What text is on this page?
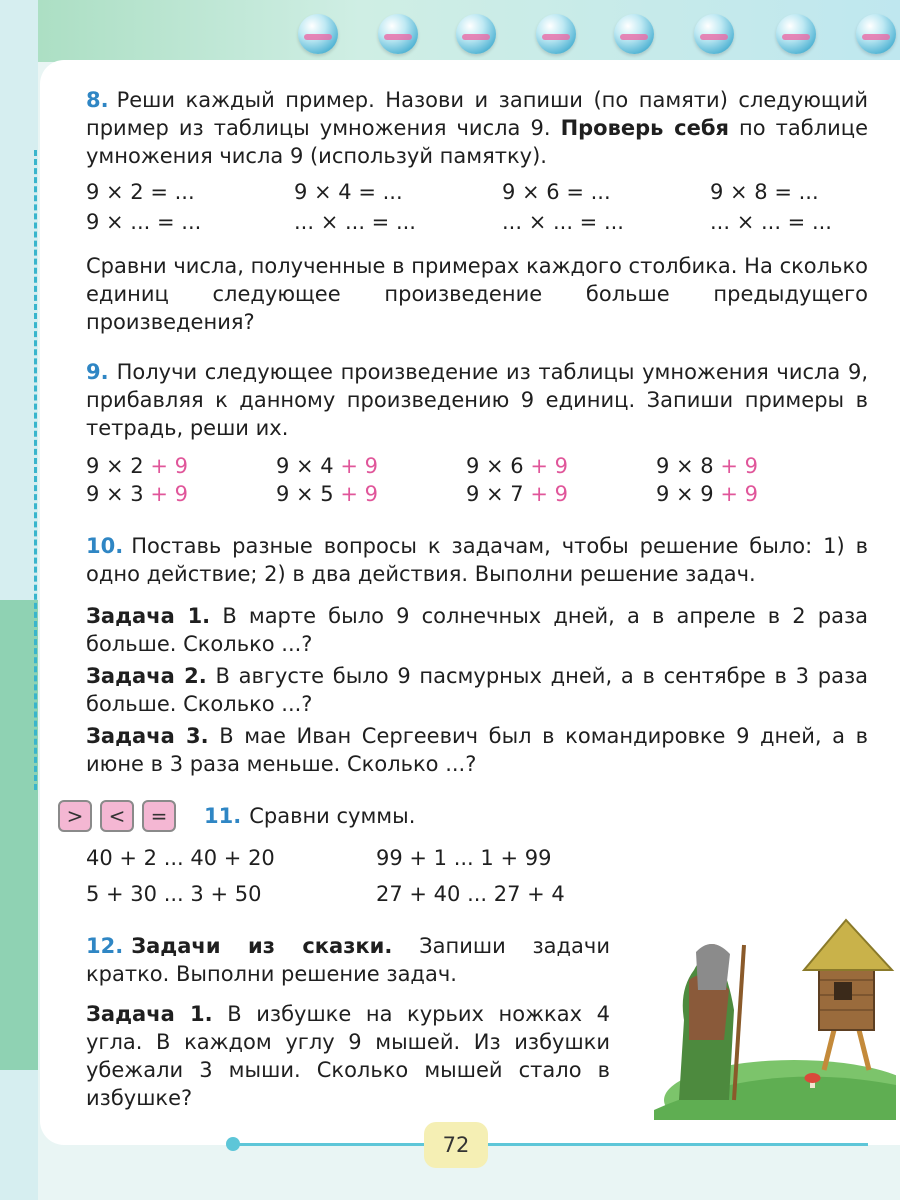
8. Реши каждый пример. Назови и запиши (по памяти) следующий пример из таблицы умножения числа 9. Проверь себя по таблице умножения числа 9 (используй памятку).

9 × 2 = ...	9 × 4 = ...	9 × 6 = ...	9 × 8 = ...
9 × ... = ...	... × ... = ...	... × ... = ...	... × ... = ...

Сравни числа, полученные в примерах каждого столбика. На сколько единиц следующее произведение больше предыдущего произведения?

9. Получи следующее произведение из таблицы умножения числа 9, прибавляя к данному произведению 9 единиц. Запиши примеры в тетрадь, реши их.

9 × 2 + 9	9 × 4 + 9	9 × 6 + 9	9 × 8 + 9
9 × 3 + 9	9 × 5 + 9	9 × 7 + 9	9 × 9 + 9

10. Поставь разные вопросы к задачам, чтобы решение было: 1) в одно действие; 2) в два действия. Выполни решение задач.

Задача 1. В марте было 9 солнечных дней, а в апреле в 2 раза больше. Сколько ...?

Задача 2. В августе было 9 пасмурных дней, а в сентябре в 3 раза больше. Сколько ...?

Задача 3. В мае Иван Сергеевич был в командировке 9 дней, а в июне в 3 раза меньше. Сколько ...?

>	<	=	11. Сравни суммы.
40 + 2 ... 40 + 20	99 + 1 ... 1 + 99
5 + 30 ... 3 + 50	27 + 40 ... 27 + 4

12. Задачи из сказки. Запиши задачи кратко. Выполни решение задач.

Задача 1. В избушке на курьих ножках 4 угла. В каждом углу 9 мышей. Из избушки убежали 3 мыши. Сколько мышей стало в избушке?

72
